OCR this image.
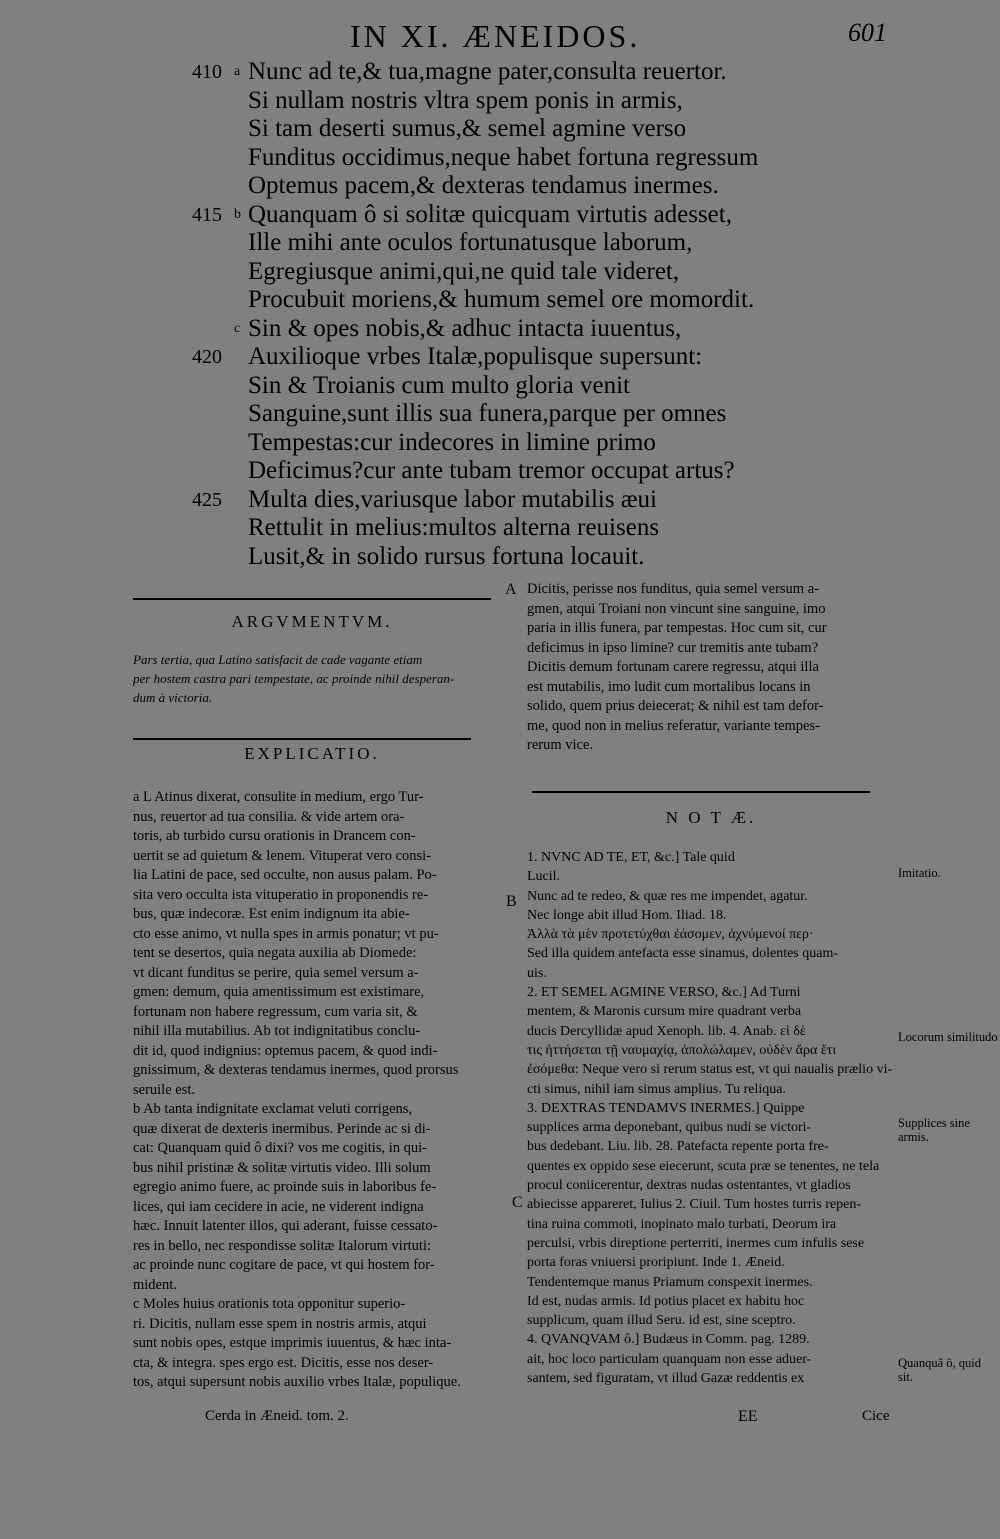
IN XI. ÆNEIDOS.	601
410 a Nunc ad te,& tua,magne pater,consulta reuertor.
Si nullam nostris vltra spem ponis in armis,
Si tam deserti sumus,& semel agmine verso
Funditus occidimus,neque habet fortuna regressum
Optemus pacem,& dexteras tendamus inermes.
415 b Quanquam ô si solitæ quicquam virtutis adesset,
Ille mihi ante oculos fortunatusque laborum,
Egregiusque animi,qui,ne quid tale videret,
Procubuit moriens,& humum semel ore momordit.
c Sin & opes nobis,& adhuc intacta iuuentus,
420	Auxilioque vrbes Italæ,populisque supersunt:
Sin & Troianis cum multo gloria venit
Sanguine,sunt illis sua funera,parque per omnes
Tempestas:cur indecores in limine primo
Deficimus?cur ante tubam tremor occupat artus?
425	Multa dies,variusque labor mutabilis æui
Rettulit in melius:multos alterna reuisens
Lusit,& in solido rursus fortuna locauit.
ARGVMENTVM.
Pars tertia, qua Latino satisfacit de cade vagante etiam
per hostem castra pari tempestate, ac proinde nihil desperan-
dum à victoria.
EXPLICATIO.
a L Atinus dixerat, consulite in medium, ergo Tur-
nus, reuertor ad tua consilia. & vide artem ora-
toris, ab turbido cursu orationis in Drancem con-
uertit se ad quietum & lenem. Vituperat vero consi-
lia Latini de pace, sed occulte, non ausus palam. Po-
sita vero occulta ista vituperatio in proponendis re-
bus, quæ indecoræ. Est enim indignum ita abie-
cto esse animo, vt nulla spes in armis ponatur; vt pu-
tent se desertos, quia negata auxilia ab Diomede:
vt dicant funditus se perire, quia semel versum a-
gmen: demum, quia amentissimum est existimare,
fortunam non habere regressum, cum varia sit, &
nihil illa mutabilius. Ab tot indignitatibus conclu-
dit id, quod indignius: optemus pacem, & quod indi-
gnissimum, & dexteras tendamus inermes, quod prorsus
seruile est.
b Ab tanta indignitate exclamat veluti corrigens,
quæ dixerat de dexteris inermibus. Perinde ac si di-
cat: Quanquam quid ô dixi? vos me cogitis, in qui-
bus nihil pristinæ & solitæ virtutis video. Illi solum
egregio animo fuere, ac proinde suis in laboribus fe-
lices, qui iam cecidere in acie, ne viderent indigna
hæc. Innuit latenter illos, qui aderant, fuisse cessato-
res in bello, nec respondisse solitæ Italorum virtuti:
ac proinde nunc cogitare de pace, vt qui hostem for-
mident.
c Moles huius orationis tota opponitur superio-
ri. Dicitis, nullam esse spem in nostris armis, atqui
sunt nobis opes, estque imprimis iuuentus, & hæc inta-
cta, & integra. spes ergo est. Dicitis, esse nos deser-
tos, atqui supersunt nobis auxilio vrbes Italæ, populique.
Cerda in Æneid. tom. 2.
Dicitis, perisse nos funditus, quia semel versum a-
gmen, atqui Troiani non vincunt sine sanguine, imo
paria in illis funera, par tempestas. Hoc cum sit, cur
deficimus in ipso limine? cur tremitis ante tubam?
Dicitis demum fortunam carere regressu, atqui illa
est mutabilis, imo ludit cum mortalibus locans in
solido, quem prius deiecerat; & nihil est tam defor-
me, quod non in melius referatur, variante tempes-
rerum vice.
A
N O T Æ.
1. NVNC AD TE, ET, &c.] Tale quid
Lucil.
Nunc ad te redeo, & quæ res me impendet, agatur.
Nec longe abit illud Hom. Iliad. 18.
Ἀλλὰ τὰ μὲν προτετύχθαι ἐάσομεν, ἀχνύμενοί περ·
Sed illa quidem antefacta esse sinamus, dolentes quam-
uis.
2. ET SEMEL AGMINE VERSO, &c.] Ad Turni
mentem, & Maronis cursum mire quadrant verba
ducis Dercyllidæ apud Xenoph. lib. 4. Anab. εἰ δὲ
τις ἡττήσεται τῇ ναυμαχίᾳ, ἀπολώλαμεν, οὐδὲν ἄρα ἔτι
ἐσόμεθα: Neque vero si rerum status est, vt qui naualis prælio vi-
cti simus, nihil iam simus amplius. Tu reliqua.
3. DEXTRAS TENDAMVS INERMES.] Quippe
supplices arma deponebant, quibus nudi se victori-
bus dedebant. Liu. lib. 28. Patefacta repente porta fre-
quentes ex oppido sese eiecerunt, scuta præ se tenentes, ne tela
procul coniicerentur, dextras nudas ostentantes, vt gladios
abiecisse appareret, Iulius 2. Ciuil. Tum hostes turris repen-
tina ruina commoti, inopinato malo turbati, Deorum ira
perculsi, vrbis direptione perterriti, inermes cum infulis sese
porta foras vniuersi proripiunt. Inde 1. Æneid.
Tendentemque manus Priamum conspexit inermes.
Id est, nudas armis. Id potius placet ex habitu hoc
supplicum, quam illud Seru. id est, sine sceptro.
4. QVANQVAM ô.] Budæus in Comm. pag. 1289.
ait, hoc loco particulam quanquam non esse aduer-
santem, sed figuratam, vt illud Gazæ reddentis ex
EE	Cice
B
C
Imitatio.
Locorum similitudo
Supplices sine armis.
Quanquã ô, quid sit.
